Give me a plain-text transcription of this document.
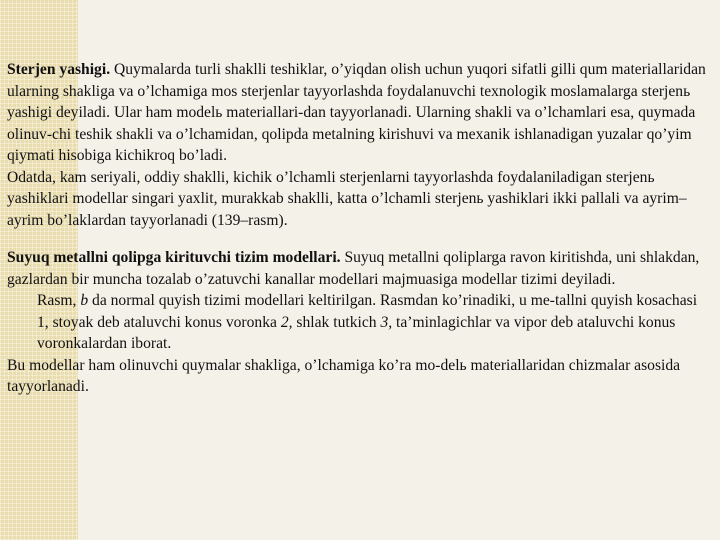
Sterjen yashigi. Quymalarda turli shaklli teshiklar, o’yiqdan olish uchun yuqori sifatli gilli qum materiallaridan ularning shakliga va o’lchamiga mos sterjenlar tayyorlashda foydalanuvchi texnologik moslamalarga sterjenь yashigi deyiladi. Ular ham modelь materiallari-dan tayyorlanadi. Ularning shakli va o’lchamlari esa, quymada olinuv-chi teshik shakli va o’lchamidan, qolipda metalning kirishuvi va mexanik ishlanadigan yuzalar qo’yim qiymati hisobiga kichikroq bo’ladi.

Odatda, kam seriyali, oddiy shaklli, kichik o’lchamli sterjenlarni tayyorlashda foydalaniladigan sterjenь yashiklari modellar singari yaxlit, murakkab shaklli, katta o’lchamli sterjenь yashiklari ikki pallali va ayrim–ayrim bo’laklardan tayyorlanadi (139–rasm).

Suyuq metallni qolipga kirituvchi tizim modellari. Suyuq metallni qoliplarga ravon kiritishda, uni shlakdan, gazlardan bir muncha tozalab o’zatuvchi kanallar modellari majmuasiga modellar tizimi deyiladi.

Rasm, b da normal quyish tizimi modellari keltirilgan. Rasmdan ko’rinadiki, u me-tallni quyish kosachasi 1, stoyak deb ataluvchi konus voronka 2, shlak tutkich 3, ta’minlagichlar va vipor deb ataluvchi konus voronkalardan iborat.

Bu modellar ham olinuvchi quymalar shakliga, o’lchamiga ko’ra mo-delь materiallaridan chizmalar asosida tayyorlanadi.
